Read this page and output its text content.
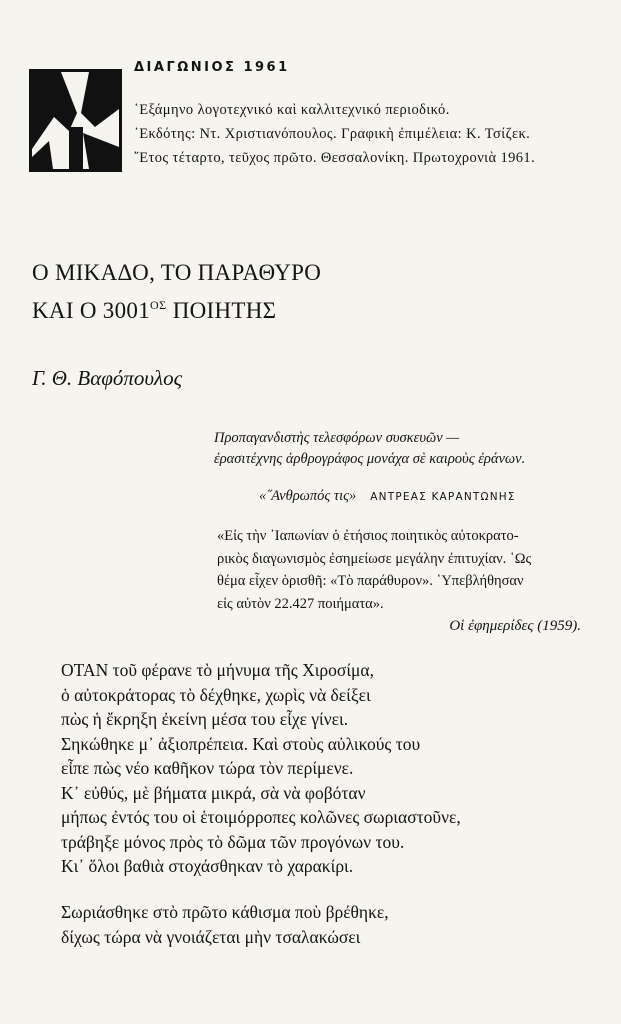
ΔΙΑΓΩΝΙΟΣ 1961

῾Εξάμηνο λογοτεχνικό καὶ καλλιτεχνικό περιοδικό.

᾿Εκδότης: Ντ. Χριστιανόπουλος. Γραφικὴ ἐπιμέλεια: Κ. Τσίζεκ.

῎Ετος τέταρτο, τεῦχος πρῶτο. Θεσσαλονίκη. Πρωτοχρονιὰ 1961.

Ο ΜΙΚΑΔΟ, ΤΟ ΠΑΡΑΘΥΡΟ
ΚΑΙ Ο $3001^{O\Sigma}$ ΠΟΙΗΤΗΣ

Γ. Θ. Βαφόπουλος

Προπαγανδιστὴς τελεσφόρων συσκευῶν —

ἐρασιτέχνης ἀρθρογράφος μονάχα σὲ καιροὺς ἐράνων.

«῞Ανθρωπός τις» ΑΝΤΡΕΑΣ ΚΑΡΑΝΤΩΝΗΣ

«Εἰς τὴν ᾿Ιαπωνίαν ὁ ἐτήσιος ποιητικὸς αὐτοκρατο-

ρικὸς διαγωνισμὸς ἐσημείωσε μεγάλην ἐπιτυχίαν. ῾Ως

θέμα εἶχεν ὁρισθῆ: «Τὸ παράθυρον». ῾Υπεβλήθησαν

εἰς αὐτὸν 22.427 ποιήματα».

Οἱ ἐφημερίδες (1959).

ΟΤΑΝ τοῦ φέρανε τὸ μήνυμα τῆς Χιροσίμα,

ὁ αὐτοκράτορας τὸ δέχθηκε, χωρὶς νὰ δείξει

πὼς ἡ ἔκρηξη ἐκείνη μέσα του εἶχε γίνει.

Σηκώθηκε μ᾿ ἀξιοπρέπεια. Καὶ στοὺς αὐλικούς του

εἶπε πὼς νέο καθῆκον τώρα τὸν περίμενε.

Κ᾿ εὐθύς, μὲ βήματα μικρά, σὰ νὰ φοβόταν

μήπως ἐντός του οἱ ἑτοιμόρροπες κολῶνες σωριαστοῦνε,

τράβηξε μόνος πρὸς τὸ δῶμα τῶν προγόνων του.

Κι᾿ ὅλοι βαθιὰ στοχάσθηκαν τὸ χαρακίρι.

Σωριάσθηκε στὸ πρῶτο κάθισμα ποὺ βρέθηκε,

δίχως τώρα νὰ γνοιάζεται μὴν τσαλακώσει
